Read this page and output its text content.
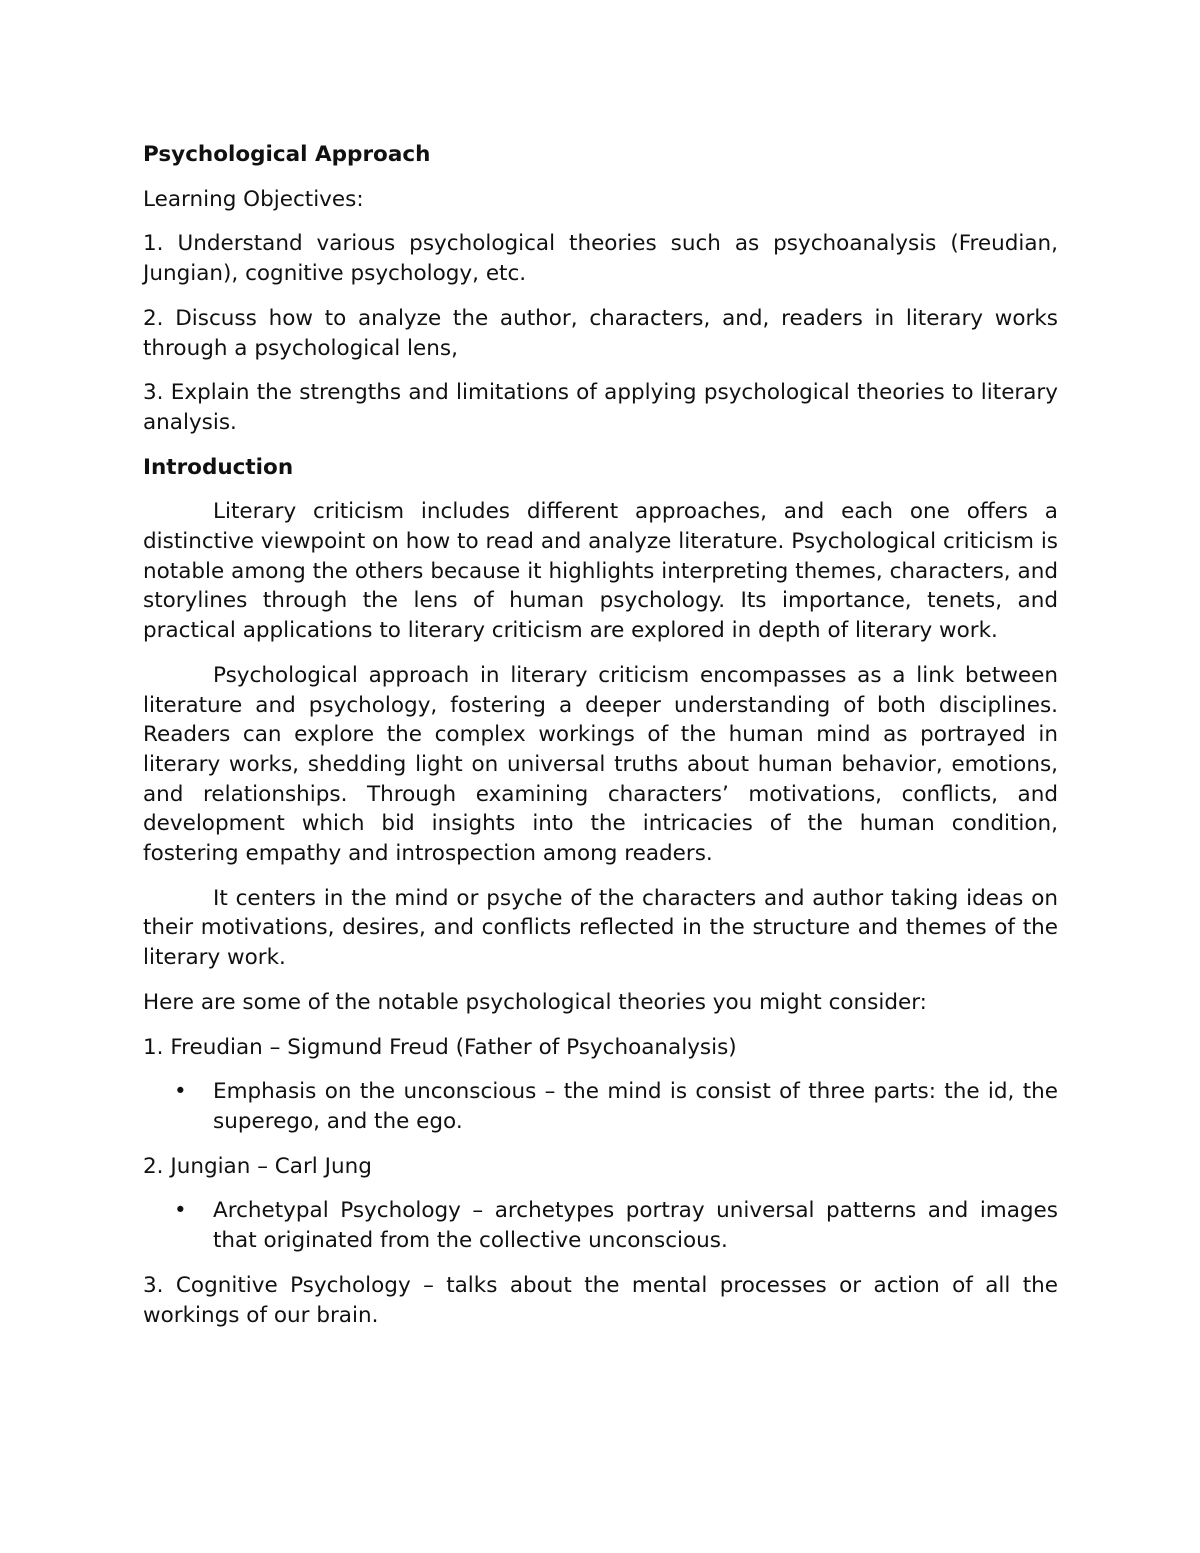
Psychological Approach

Learning Objectives:

1. Understand various psychological theories such as psychoanalysis (Freudian, Jungian), cognitive psychology, etc.

2. Discuss how to analyze the author, characters, and, readers in literary works through a psychological lens,

3. Explain the strengths and limitations of applying psychological theories to literary analysis.

Introduction

Literary criticism includes different approaches, and each one offers a distinctive viewpoint on how to read and analyze literature. Psychological criticism is notable among the others because it highlights interpreting themes, characters, and storylines through the lens of human psychology. Its importance, tenets, and practical applications to literary criticism are explored in depth of literary work.

Psychological approach in literary criticism encompasses as a link between literature and psychology, fostering a deeper understanding of both disciplines. Readers can explore the complex workings of the human mind as portrayed in literary works, shedding light on universal truths about human behavior, emotions, and relationships. Through examining characters’ motivations, conflicts, and development which bid insights into the intricacies of the human condition, fostering empathy and introspection among readers.

It centers in the mind or psyche of the characters and author taking ideas on their motivations, desires, and conflicts reflected in the structure and themes of the literary work.

Here are some of the notable psychological theories you might consider:

1. Freudian – Sigmund Freud (Father of Psychoanalysis)

• Emphasis on the unconscious – the mind is consist of three parts: the id, the superego, and the ego.

2. Jungian – Carl Jung

• Archetypal Psychology – archetypes portray universal patterns and images that originated from the collective unconscious.

3. Cognitive Psychology – talks about the mental processes or action of all the workings of our brain.
